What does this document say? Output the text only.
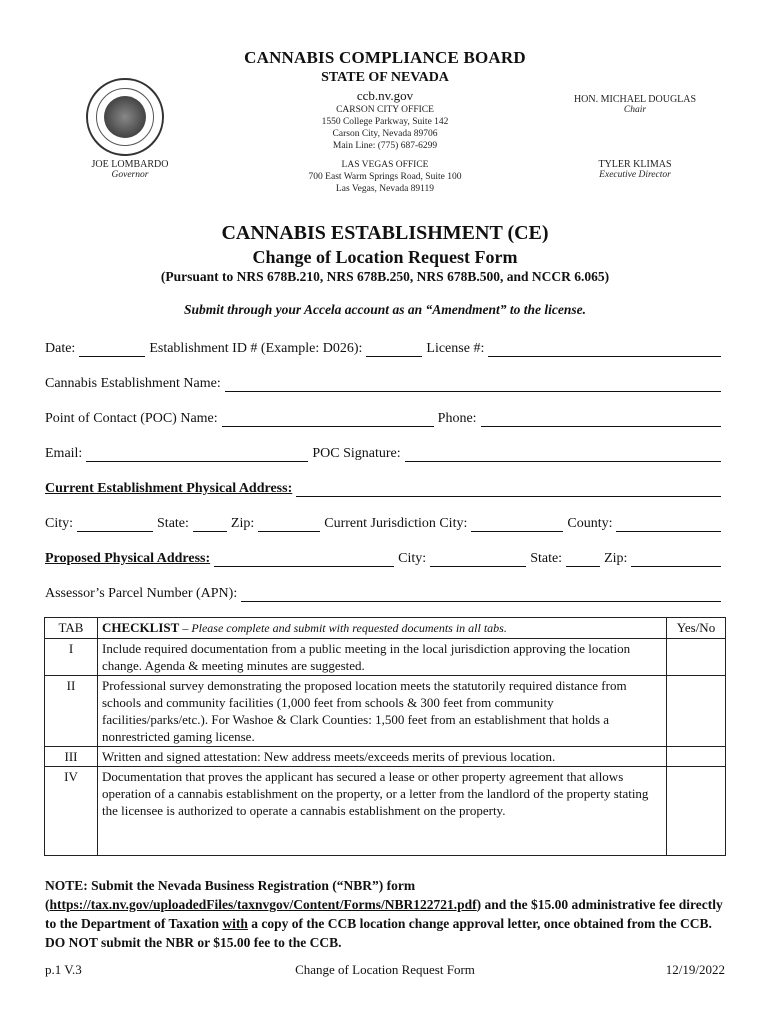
CANNABIS COMPLIANCE BOARD
STATE OF NEVADA
ccb.nv.gov
CARSON CITY OFFICE
1550 College Parkway, Suite 142
Carson City, Nevada 89706
Main Line: (775) 687-6299
LAS VEGAS OFFICE
700 East Warm Springs Road, Suite 100
Las Vegas, Nevada 89119
JOE LOMBARDO
Governor
HON. MICHAEL DOUGLAS
Chair
TYLER KLIMAS
Executive Director
CANNABIS ESTABLISHMENT (CE)
Change of Location Request Form
(Pursuant to NRS 678B.210, NRS 678B.250, NRS 678B.500, and NCCR 6.065)
Submit through your Accela account as an “Amendment” to the license.
Date:	Establishment ID # (Example: D026):	License #:
Cannabis Establishment Name:
Point of Contact (POC) Name:	Phone:
Email:	POC Signature:
Current Establishment Physical Address:
City:	State:	Zip:	Current Jurisdiction City:	County:
Proposed Physical Address:	City:	State:	Zip:
Assessor’s Parcel Number (APN):
TAB	CHECKLIST – Please complete and submit with requested documents in all tabs.	Yes/No
I	Include required documentation from a public meeting in the local jurisdiction approving the location change. Agenda & meeting minutes are suggested.	
II	Professional survey demonstrating the proposed location meets the statutorily required distance from schools and community facilities (1,000 feet from schools & 300 feet from community facilities/parks/etc.). For Washoe & Clark Counties: 1,500 feet from an establishment that holds a nonrestricted gaming license.	
III	Written and signed attestation: New address meets/exceeds merits of previous location.	
IV	Documentation that proves the applicant has secured a lease or other property agreement that allows operation of a cannabis establishment on the property, or a letter from the landlord of the property stating the licensee is authorized to operate a cannabis establishment on the property.	
NOTE: Submit the Nevada Business Registration (“NBR”) form (https://tax.nv.gov/uploadedFiles/taxnvgov/Content/Forms/NBR122721.pdf) and the $15.00 administrative fee directly to the Department of Taxation with a copy of the CCB location change approval letter, once obtained from the CCB. DO NOT submit the NBR or $15.00 fee to the CCB.
p.1 V.3	Change of Location Request Form	12/19/2022
